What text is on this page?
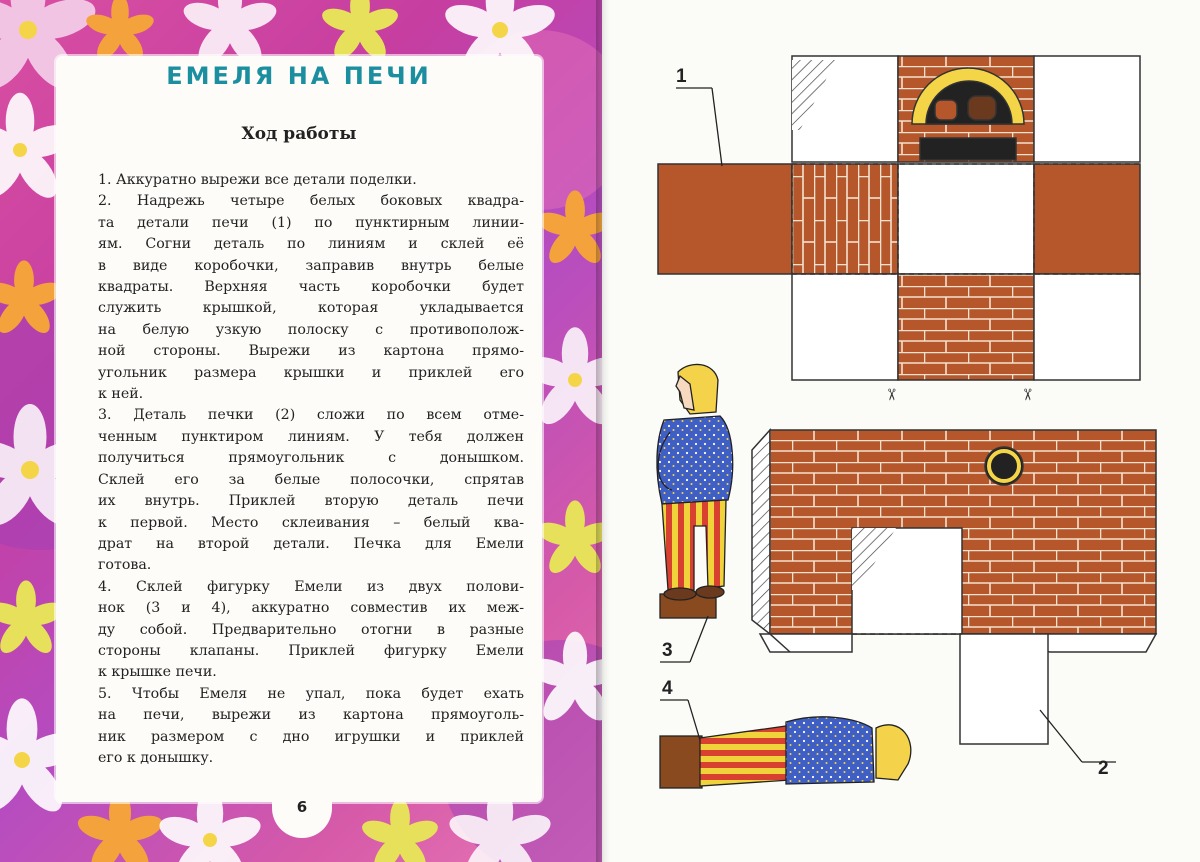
ЕМЕЛЯ НА ПЕЧИ
Ход работы
1. Аккуратно вырежи все детали поделки.
2. Надрежь четыре белых боковых квадра-
та детали печи (1) по пунктирным линии-
ям. Согни деталь по линиям и склей её
в виде коробочки, заправив внутрь белые
квадраты. Верхняя часть коробочки будет
служить крышкой, которая укладывается
на белую узкую полоску с противополож-
ной стороны. Вырежи из картона прямо-
угольник размера крышки и приклей его
к ней.
3. Деталь печки (2) сложи по всем отме-
ченным пунктиром линиям. У тебя должен
получиться прямоугольник с донышком.
Склей его за белые полосочки, спрятав
их внутрь. Приклей вторую деталь печи
к первой. Место склеивания – белый ква-
драт на второй детали. Печка для Емели
готова.
4. Склей фигурку Емели из двух полови-
нок (3 и 4), аккуратно совместив их меж-
ду собой. Предварительно отогни в разные
стороны клапаны. Приклей фигурку Емели
к крышке печи.
5. Чтобы Емеля не упал, пока будет ехать
на печи, вырежи из картона прямоуголь-
ник размером с дно игрушки и приклей
его к донышку.
6
✂	✂
1
2
3
4
